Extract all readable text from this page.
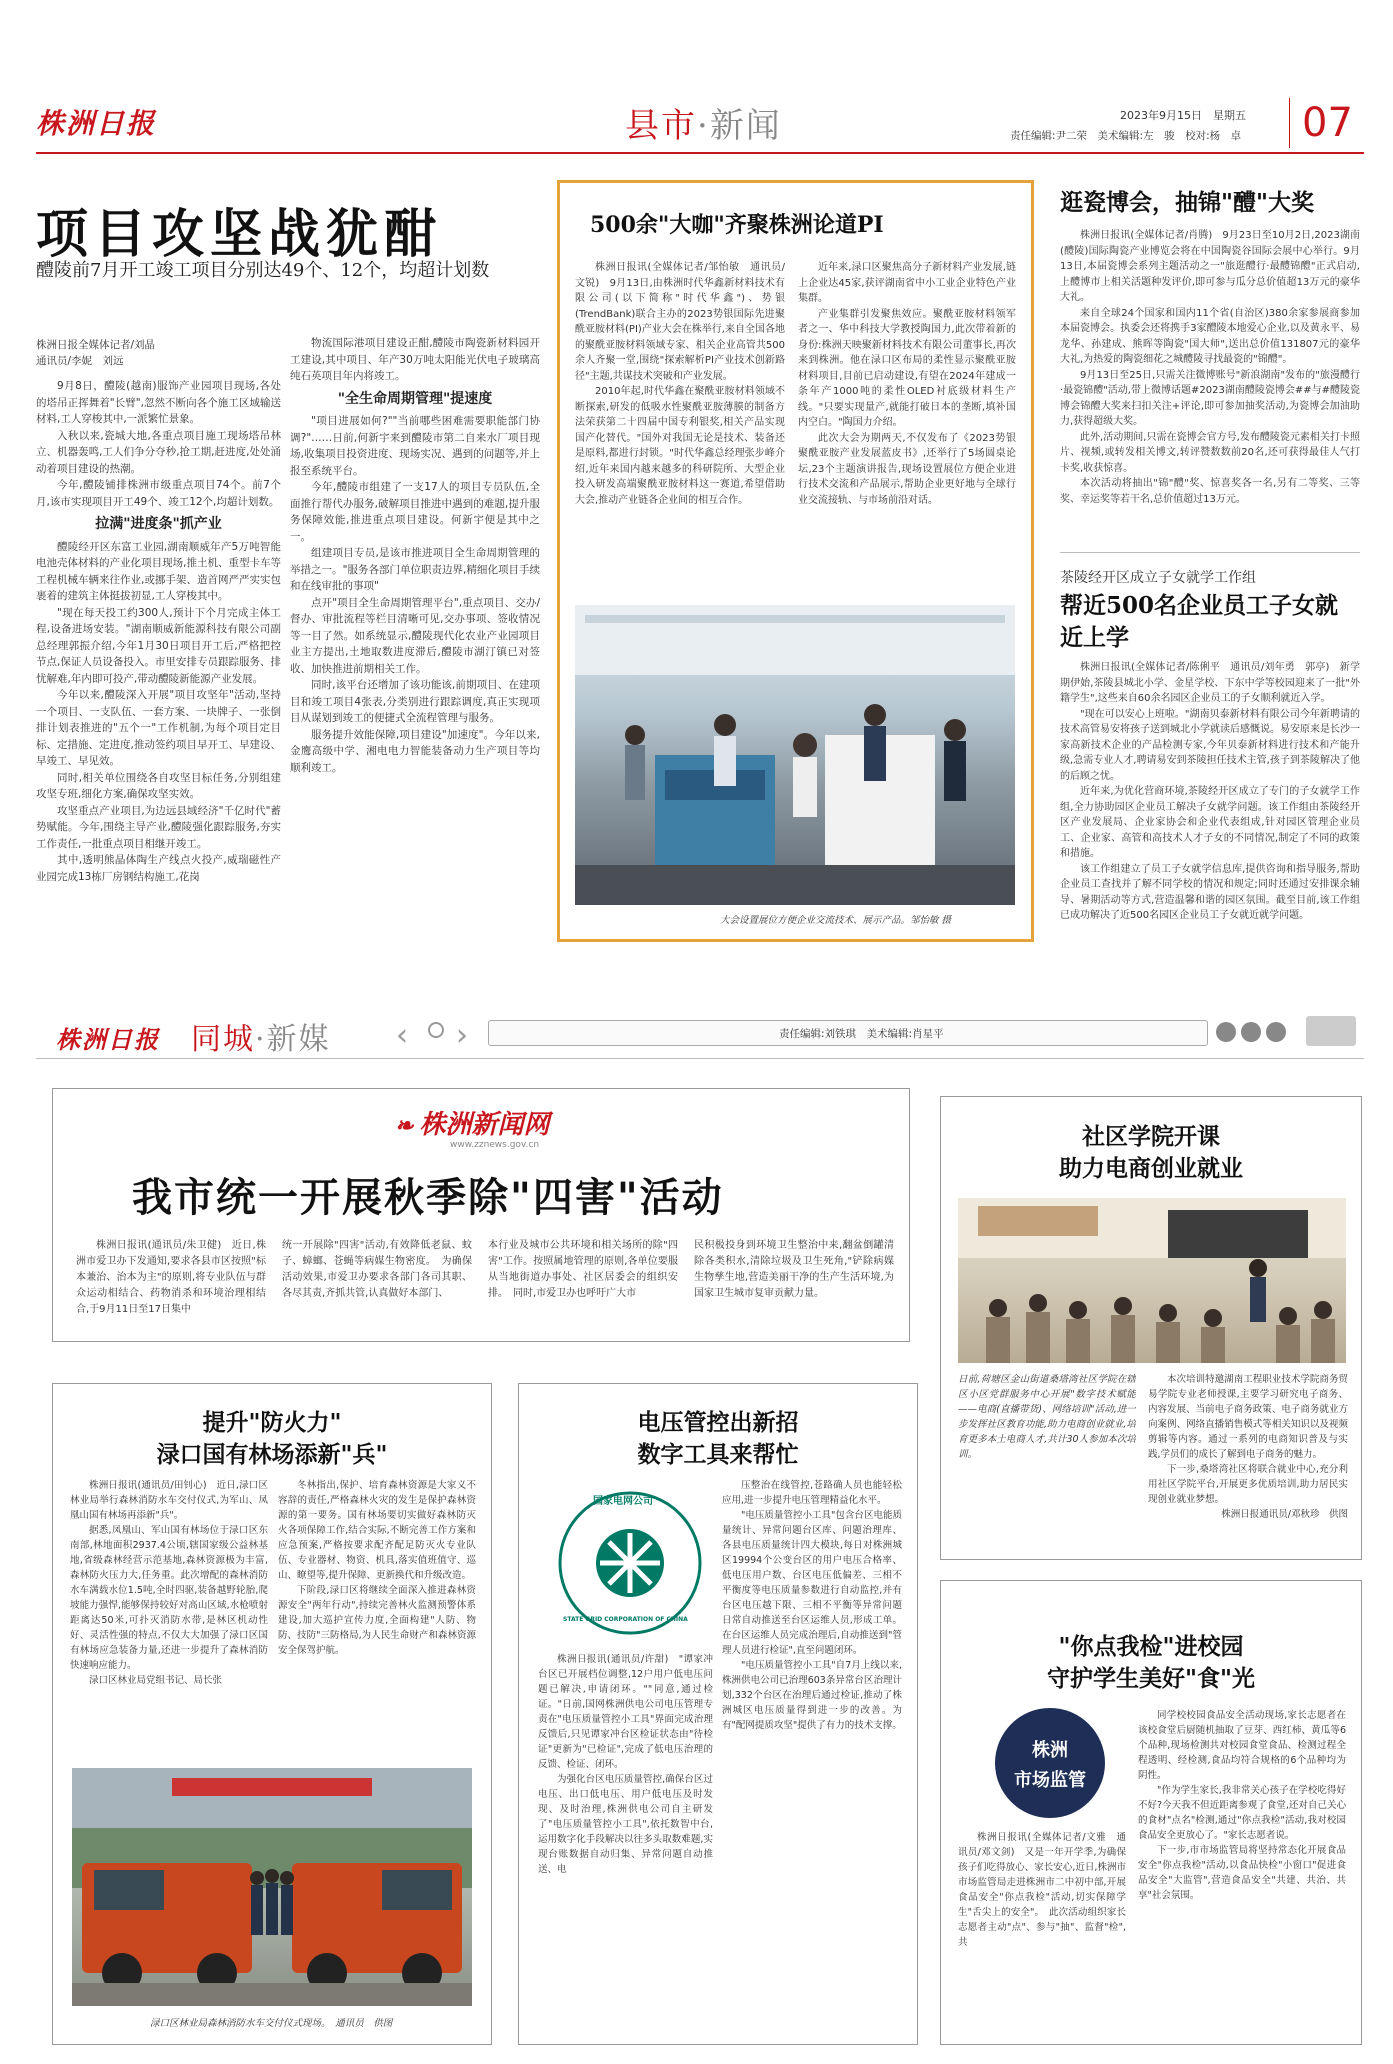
株洲日报	县市·新闻	2023年9月15日　星期五
责任编辑:尹二荣　美术编辑:左　骏　校对:杨　卓 07
项目攻坚战犹酣
醴陵前7月开工竣工项目分别达49个、12个，均超计划数
株洲日报全媒体记者/刘晶
通讯员/李妮　刘远

9月8日，醴陵(越南)服饰产业园项目现场,各处的塔吊正挥舞着"长臂",忽然不断向各个施工区域输送材料,工人穿梭其中,一派繁忙景象。

入秋以来,瓷城大地,各重点项目施工现场塔吊林立、机器轰鸣,工人们争分夺秒,抢工期,赶进度,处处涌动着项目建设的热潮。

今年,醴陵铺排株洲市级重点项目74个。前7个月,该市实现项目开工49个、竣工12个,均超计划数。

拉满"进度条"抓产业

醴陵经开区东富工业园,湖南顺威年产5万吨智能电池壳体材料的产业化项目现场,推土机、重型卡车等工程机械车辆来往作业,或挪手架、造首网严严实实包裹着的建筑主体挺拔初显,工人穿梭其中。

"现在每天投工约300人,预计下个月完成主体工程,设备进场安装。"湖南顺威新能源科技有限公司副总经理郭振介绍,今年1月30日项目开工后,严格把控节点,保证人员设备投入。市里安排专员跟踪服务、排忧解难,年内即可投产,带动醴陵新能源产业发展。

今年以来,醴陵深入开展"项目攻坚年"活动,坚持一个项目、一支队伍、一套方案、一块牌子、一张倒排计划表推进的"五个一"工作机制,为每个项目定目标、定措施、定进度,推动签约项目早开工、早建设、早竣工、早见效。

同时,相关单位围绕各自攻坚目标任务,分别组建攻坚专班,细化方案,确保攻坚实效。

攻坚重点产业项目,为边远县域经济"千亿时代"蓄势赋能。今年,围绕主导产业,醴陵强化跟踪服务,夯实工作责任,一批重点项目相继开竣工。

其中,透明熊晶体陶生产线点火投产,威瑞磁性产业园完成13栋厂房钢结构施工,花岗

物流国际港项目建设正酣,醴陵市陶瓷新材料园开工建设,其中项目、年产30万吨太阳能光伏电子玻璃高纯石英项目年内将竣工。

"全生命周期管理"提速度

"项目进展如何?""当前哪些困难需要职能部门协调?"……日前,何新宇来到醴陵市第二自来水厂项目现场,收集项目投资进度、现场实况、遇到的问题等,并上报至系统平台。

今年,醴陵市组建了一支17人的项目专员队伍,全面推行帮代办服务,破解项目推进中遇到的难题,提升服务保障效能,推进重点项目建设。何新宇便是其中之一。

组建项目专员,是该市推进项目全生命周期管理的举措之一。"服务各部门单位职责边界,精细化项目手续和在线审批的事项"

点开"项目全生命周期管理平台",重点项目、交办/督办、审批流程等栏目清晰可见,交办事项、签收情况等一目了然。如系统显示,醴陵现代化农业产业园项目业主方提出,土地取数进度滞后,醴陵市湖汀镇已对签收、加快推进前期相关工作。

同时,该平台还增加了该功能该,前期项目、在建项目和竣工项目4张表,分类别进行跟踪调度,真正实现项目从谋划到竣工的便捷式全流程管理与服务。

服务提升效能保障,项目建设"加速度"。今年以来,金鹰高级中学、湘电电力智能装备动力生产项目等均顺利竣工。

500余"大咖"齐聚株洲论道PI

株洲日报讯(全媒体记者/邹怡敏　通讯员/文锐)　9月13日,由株洲时代华鑫新材料技术有限公司(以下简称"时代华鑫")、势银(TrendBank)联合主办的2023势银国际先进聚酰亚胺材料(PI)产业大会在株举行,来自全国各地的聚酰亚胺材料领域专家、相关企业高管共500余人齐聚一堂,围绕"探索解析PI产业技术创新路径"主题,共谋技术突破和产业发展。

2010年起,时代华鑫在聚酰亚胺材料领域不断探索,研发的低吸水性聚酰亚胺薄膜的制备方法荣获第二十四届中国专利银奖,相关产品实现国产化替代。"国外对我国无论是技术、装备还是原料,都进行封锁。"时代华鑫总经理张步峰介绍,近年来国内越来越多的科研院所、大型企业投入研发高端聚酰亚胺材料这一赛道,希望借助大会,推动产业链各企业间的相互合作。

近年来,渌口区聚焦高分子新材料产业发展,链上企业达45家,获评湖南省中小工业企业特色产业集群。

产业集群引发聚焦效应。聚酰亚胺材料领军者之一、华中科技大学教授陶国力,此次带着新的身份:株洲天映聚新材料技术有限公司董事长,再次来到株洲。他在渌口区布局的柔性显示聚酰亚胺材料项目,目前已启动建设,有望在2024年建成一条年产1000吨的柔性OLED衬底级材料生产线。"只要实现量产,就能打破日本的垄断,填补国内空白。"陶国力介绍。

此次大会为期两天,不仅发布了《2023势银聚酰亚胺产业发展蓝皮书》,还举行了5场圆桌论坛,23个主题演讲报告,现场设置展位方便企业进行技术交流和产品展示,帮助企业更好地与全球行业交流接轨、与市场前沿对话。

大会设置展位方便企业交流技术、展示产品。邹怡敏 摄
逛瓷博会，抽锦"醴"大奖

株洲日报讯(全媒体记者/肖腾)　9月23日至10月2日,2023湖南(醴陵)国际陶瓷产业博览会将在中国陶瓷谷国际会展中心举行。9月13日,本届瓷博会系列主题活动之一"旅逛醴行·最醴锦醴"正式启动,上醴博市上相关活题种发评价,即可参与瓜分总价值超13万元的豪华大礼。

来自全球24个国家和国内11个省(自治区)380余家参展商参加本届瓷博会。执委会还将携手3家醴陵本地爱心企业,以及黄永平、易龙华、孙建成、熊晖等陶瓷"国大师",送出总价值131807元的豪华大礼,为热爱的陶瓷细花之城醴陵寻找最瓷的"锦醴"。

9月13日至25日,只需关注微博账号"新浪湖南"发布的"旅漫醴行·最瓷锦醴"活动,带上微博话题#2023湖南醴陵瓷博会##与#醴陵瓷博会锦醴大奖来扫扣关注+评论,即可参加抽奖活动,为瓷博会加油助力,获得超级大奖。

此外,活动期间,只需在瓷博会官方号,发布醴陵瓷元素相关打卡照片、视频,或转发相关博文,转评赞数数前20名,还可获得最佳人气打卡奖,收获惊喜。

本次活动将抽出"锦"醴"奖、惊喜奖各一名,另有二等奖、三等奖、幸运奖等若干名,总价值超过13万元。

茶陵经开区成立子女就学工作组
帮近500名企业员工子女就近上学

株洲日报讯(全媒体记者/陈俐平　通讯员/刘年勇　郭亭)　新学期伊始,茶陵县城北小学、金星学校、下东中学等校园迎来了一批"外籍学生",这些来自60余名园区企业员工的子女顺利就近入学。

"现在可以安心上班啦。"湖南贝泰新材料有限公司今年新聘请的技术高管易安将孩子送到城北小学就读后感慨说。易安原来是长沙一家高新技术企业的产品检测专家,今年贝泰新材料进行技术和产能升级,急需专业人才,聘请易安到茶陵担任技术主管,孩子到茶陵解决了他的后顾之忧。

近年来,为优化营商环境,茶陵经开区成立了专门的子女就学工作组,全力协助园区企业员工解决子女就学问题。该工作组由茶陵经开区产业发展局、企业家协会和企业代表组成,针对园区管理企业员工、企业家、高管和高技术人才子女的不同情况,制定了不同的政策和措施。

该工作组建立了员工子女就学信息库,提供咨询和指导服务,帮助企业员工查找并了解不同学校的情况和规定;同时还通过安排课余辅导、暑期活动等方式,营造温馨和谐的园区氛围。截至目前,该工作组已成功解决了近500名园区企业员工子女就近就学问题。

株洲日报 同城·新媒 ‹ ›	责任编辑:刘铁琪　美术编辑:肖星平
❧ 株洲新闻网
www.zznews.gov.cn
我市统一开展秋季除"四害"活动
株洲日报讯(通讯员/朱卫健)　近日,株洲市爱卫办下发通知,要求各县市区按照"标本兼治、治本为主"的原则,将专业队伍与群众运动相结合、药物消杀和环境治理相结合,于9月11日至17日集中
统一开展除"四害"活动,有效降低老鼠、蚊子、蟑螂、苍蝇等病媒生物密度。　为确保活动效果,市爱卫办要求各部门各司其职、各尽其责,齐抓共管,认真做好本部门、
本行业及城市公共环境和相关场所的除"四害"工作。按照属地管理的原则,各单位要服从当地街道办事处、社区居委会的组织安排。　同时,市爱卫办也呼吁广大市
民积极投身到环境卫生整治中来,翻盆倒罐清除各类积水,清除垃圾及卫生死角,"铲除病媒生物孳生地,营造美丽干净的生产生活环境,为国家卫生城市复审贡献力量。
社区学院开课
助力电商创业就业
日前,荷塘区金山街道桑塔湾社区学院在辖区小区党群服务中心开展"数字技术赋能——电商(直播带货)、网络培训"活动,进一步发挥社区教育功能,助力电商创业就业,培育更多本土电商人才,共计30人参加本次培训。

本次培训特邀湖南工程职业技术学院商务贸易学院专业老师授课,主要学习研究电子商务、内容发展、当前电子商务政策、电子商务就业方向案例、网络直播销售模式等相关知识以及视频剪辑等内容。通过一系列的电商知识普及与实践,学员们的成长了解到电子商务的魅力。

下一步,桑塔湾社区将联合就业中心,充分利用社区学院平台,开展更多优质培训,助力居民实现创业就业梦想。

株洲日报通讯员/邓秋珍　供图

提升"防火力"
渌口国有林场添新"兵"

株洲日报讯(通讯员/田钊心)　近日,渌口区林业局举行森林消防水车交付仪式,为军山、凤凰山国有林场再添新"兵"。

据悉,凤凰山、军山国有林场位于渌口区东南部,林地面积2937.4公顷,辖国家级公益林基地,省级森林经营示范基地,森林资源极为丰富,森林防火压力大,任务重。此次增配的森林消防水车满载水位1.5吨,全时四驱,装备越野轮胎,爬坡能力强悍,能够保持较好对高山区域,水枪喷射距离达50米,可扑灭消防水带,是林区机动性好、灵活性强的特点,不仅大大加强了渌口区国有林场应急装备力量,还进一步提升了森林消防快速响应能力。

渌口区林业局党组书记、局长张

冬林指出,保护、培育森林资源是大家义不容辞的责任,严格森林火灾的发生是保护森林资源的第一要务。国有林场要切实做好森林防灭火各项保障工作,结合实际,不断完善工作方案和应急预案,严格按要求配齐配足防灭火专业队伍、专业器材、物资、机具,落实值班值守、巡山、瞭望等,提升保障、更新换代和升级改造。

下阶段,渌口区将继续全面深入推进森林资源安全"两年行动",持续完善林火监测预警体系建设,加大巡护宣传力度,全面构建"人防、物防、技防"三防格局,为人民生命财产和森林资源安全保驾护航。

渌口区林业局森林消防水车交付仪式现场。　通讯员　供图
电压管控出新招
数字工具来帮忙
国家电网公司
STATE GRID CORPORATION OF CHINA

株洲日报讯(通讯员/许甜)　"谭家冲台区已开展档位调整,12户用户低电压问题已解决,申请闭环。""同意,通过检证。"日前,国网株洲供电公司电压管理专责在"电压质量管控小工具"界面完成治理反馈后,只见谭家冲台区检证状态由"待检证"更新为"已检证",完成了低电压治理的反馈、检证、闭环。

为强化台区电压质量管控,确保台区过电压、出口低电压、用户低电压及时发现、及时治理,株洲供电公司自主研发了"电压质量管控小工具",依托数智中台,运用数字化手段解决以往多头取数难题,实现台账数据自动归集、异常问题自动推送、电

压整治在线管控,苍路确人员也能轻松应用,进一步提升电压管理精益化水平。

"电压质量管控小工具"包含台区电能质量统计、异常问题台区库、问题治理库、各县电压质量统计四大模块,每日对株洲城区19994个公变台区的用户电压合格率、低电压用户数、台区电压低偏差、三相不平衡度等电压质量参数进行自动监控,并有台区电压越下限、三相不平衡等异常问题日常自动推送至台区运维人员,形成工单。在台区运维人员完成治理后,自动推送到"管理人员进行检证",直至问题闭环。

"电压质量管控小工具"自7月上线以来,株洲供电公司已治理603条异常台区治理计划,332个台区在治理后通过检证,推动了株洲城区电压质量得到进一步的改善。为有"配网提质攻坚"提供了有力的技术支撑。

"你点我检"进校园
守护学生美好"食"光
株洲
市场监管
株洲日报讯(全媒体记者/文雅　通讯员/邓文剑)　又是一年开学季,为确保孩子们吃得放心、家长安心,近日,株洲市市场监管局走进株洲市二中初中部,开展食品安全"你点我检"活动,切实保障学生"舌尖上的安全"。　此次活动组织家长志愿者主动"点"、参与"抽"、监督"检",共

同学校校园食品安全活动现场,家长志愿者在该校食堂后厨随机抽取了豆芽、西红柿、黄瓜等6个品种,现场检测共对校园食堂食品、检测过程全程透明、经检测,食品均符合规格的6个品种均为阴性。

"作为学生家长,我非常关心孩子在学校吃得好不好?今天我不但近距离参观了食堂,还对自己关心的食材"点名"检测,通过"你点我检"活动,我对校园食品安全更放心了。"家长志愿者说。

下一步,市市场监管局将坚持常态化开展食品安全"你点我检"活动,以食品快检"小窗口"促进食品安全"大监管",营造食品安全"共建、共治、共享"社会氛围。
